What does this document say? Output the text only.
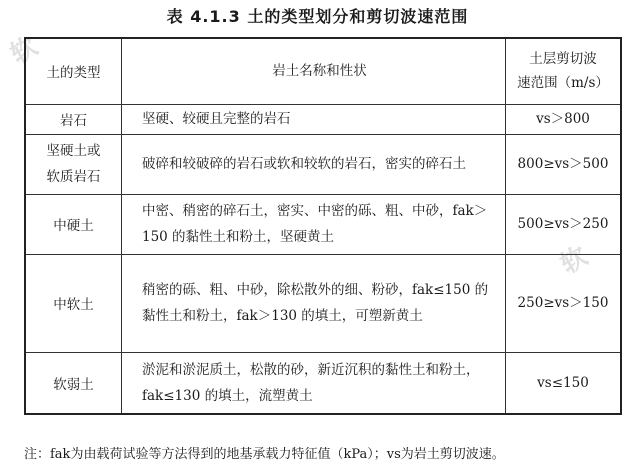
软
软
表 4.1.3 土的类型划分和剪切波速范围
土的类型	岩土名称和性状	土层剪切波
速范围（m/s）

岩石	坚硬、较硬且完整的岩石	vs＞800

坚硬土或
软质岩石	破碎和较破碎的岩石或软和较软的岩石，密实的碎石土	800≥vs＞500
中硬土	中密、稍密的碎石土，密实、中密的砾、粗、中砂，fak＞150 的黏性土和粉土，坚硬黄土	500≥vs＞250
中软土	稍密的砾、粗、中砂，除松散外的细、粉砂，fak≤150 的黏性土和粉土，fak＞130 的填土，可塑新黄土	250≥vs＞150
软弱土	淤泥和淤泥质土，松散的砂，新近沉积的黏性土和粉土，fak≤130 的填土，流塑黄土	vs≤150
注：fak为由载荷试验等方法得到的地基承载力特征值（kPa）；vs为岩土剪切波速。
